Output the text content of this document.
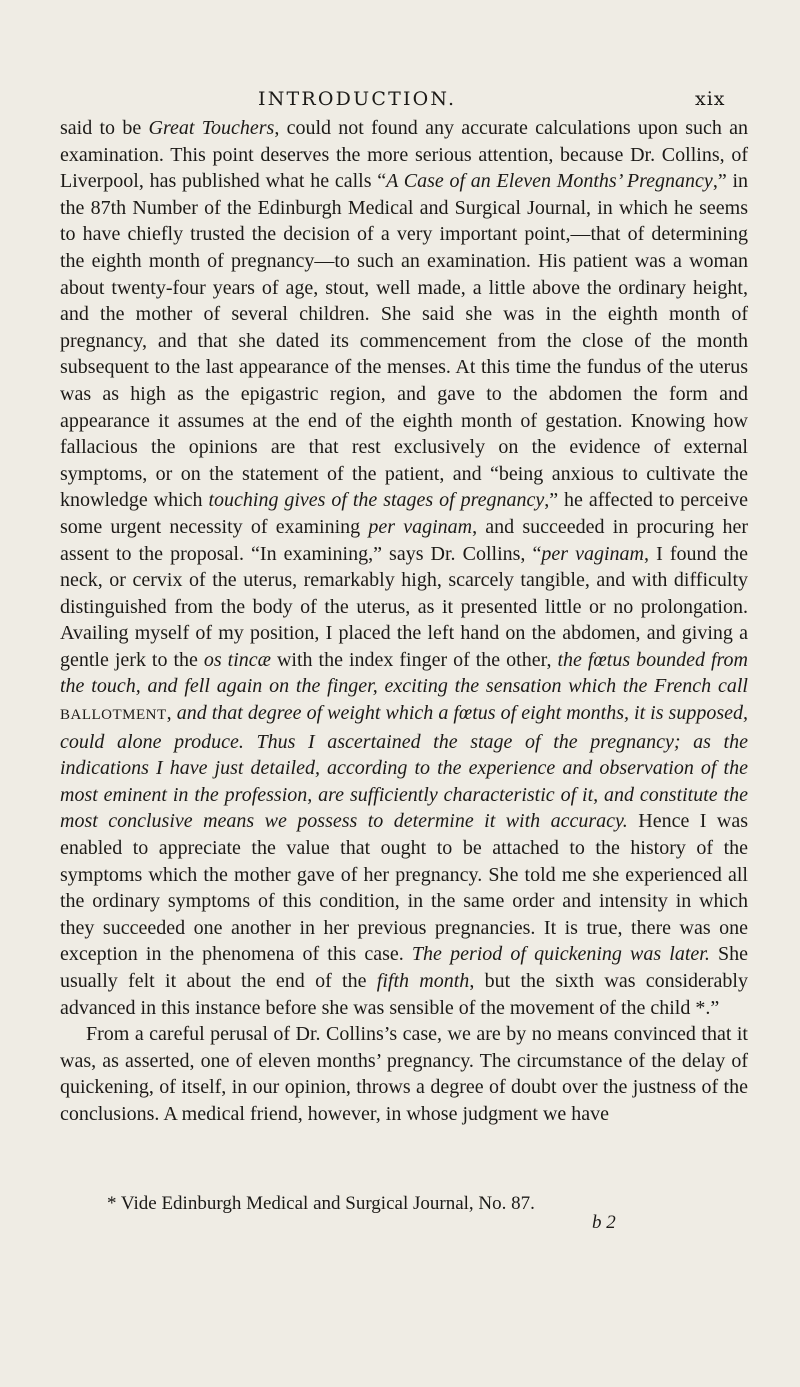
INTRODUCTION.	xix

said to be Great Touchers, could not found any accurate calculations upon such an examination. This point deserves the more serious attention, because Dr. Collins, of Liverpool, has published what he calls “A Case of an Eleven Months’ Pregnancy,” in the 87th Number of the Edinburgh Medical and Surgical Journal, in which he seems to have chiefly trusted the decision of a very important point,—that of determining the eighth month of pregnancy—to such an examination. His patient was a woman about twenty-four years of age, stout, well made, a little above the ordinary height, and the mother of several children. She said she was in the eighth month of pregnancy, and that she dated its commencement from the close of the month subsequent to the last appearance of the menses. At this time the fundus of the uterus was as high as the epigastric region, and gave to the abdomen the form and appearance it assumes at the end of the eighth month of gestation. Knowing how fallacious the opinions are that rest exclusively on the evidence of external symptoms, or on the statement of the patient, and “being anxious to cultivate the knowledge which touching gives of the stages of pregnancy,” he affected to perceive some urgent necessity of examining per vaginam, and succeeded in procuring her assent to the proposal. “In examining,” says Dr. Collins, “per vaginam, I found the neck, or cervix of the uterus, remarkably high, scarcely tangible, and with difficulty distinguished from the body of the uterus, as it presented little or no prolongation. Availing myself of my position, I placed the left hand on the abdomen, and giving a gentle jerk to the os tincæ with the index finger of the other, the fœtus bounded from the touch, and fell again on the finger, exciting the sensation which the French call BALLOTMENT, and that degree of weight which a fœtus of eight months, it is supposed, could alone produce. Thus I ascertained the stage of the pregnancy; as the indications I have just detailed, according to the experience and observation of the most eminent in the profession, are sufficiently characteristic of it, and constitute the most conclusive means we possess to determine it with accuracy. Hence I was enabled to appreciate the value that ought to be attached to the history of the symptoms which the mother gave of her pregnancy. She told me she experienced all the ordinary symptoms of this condition, in the same order and intensity in which they succeeded one another in her previous pregnancies. It is true, there was one exception in the phenomena of this case. The period of quickening was later. She usually felt it about the end of the fifth month, but the sixth was considerably advanced in this instance before she was sensible of the movement of the child *.”

From a careful perusal of Dr. Collins’s case, we are by no means convinced that it was, as asserted, one of eleven months’ pregnancy. The circumstance of the delay of quickening, of itself, in our opinion, throws a degree of doubt over the justness of the conclusions. A medical friend, however, in whose judgment we have

* Vide Edinburgh Medical and Surgical Journal, No. 87.
b 2
